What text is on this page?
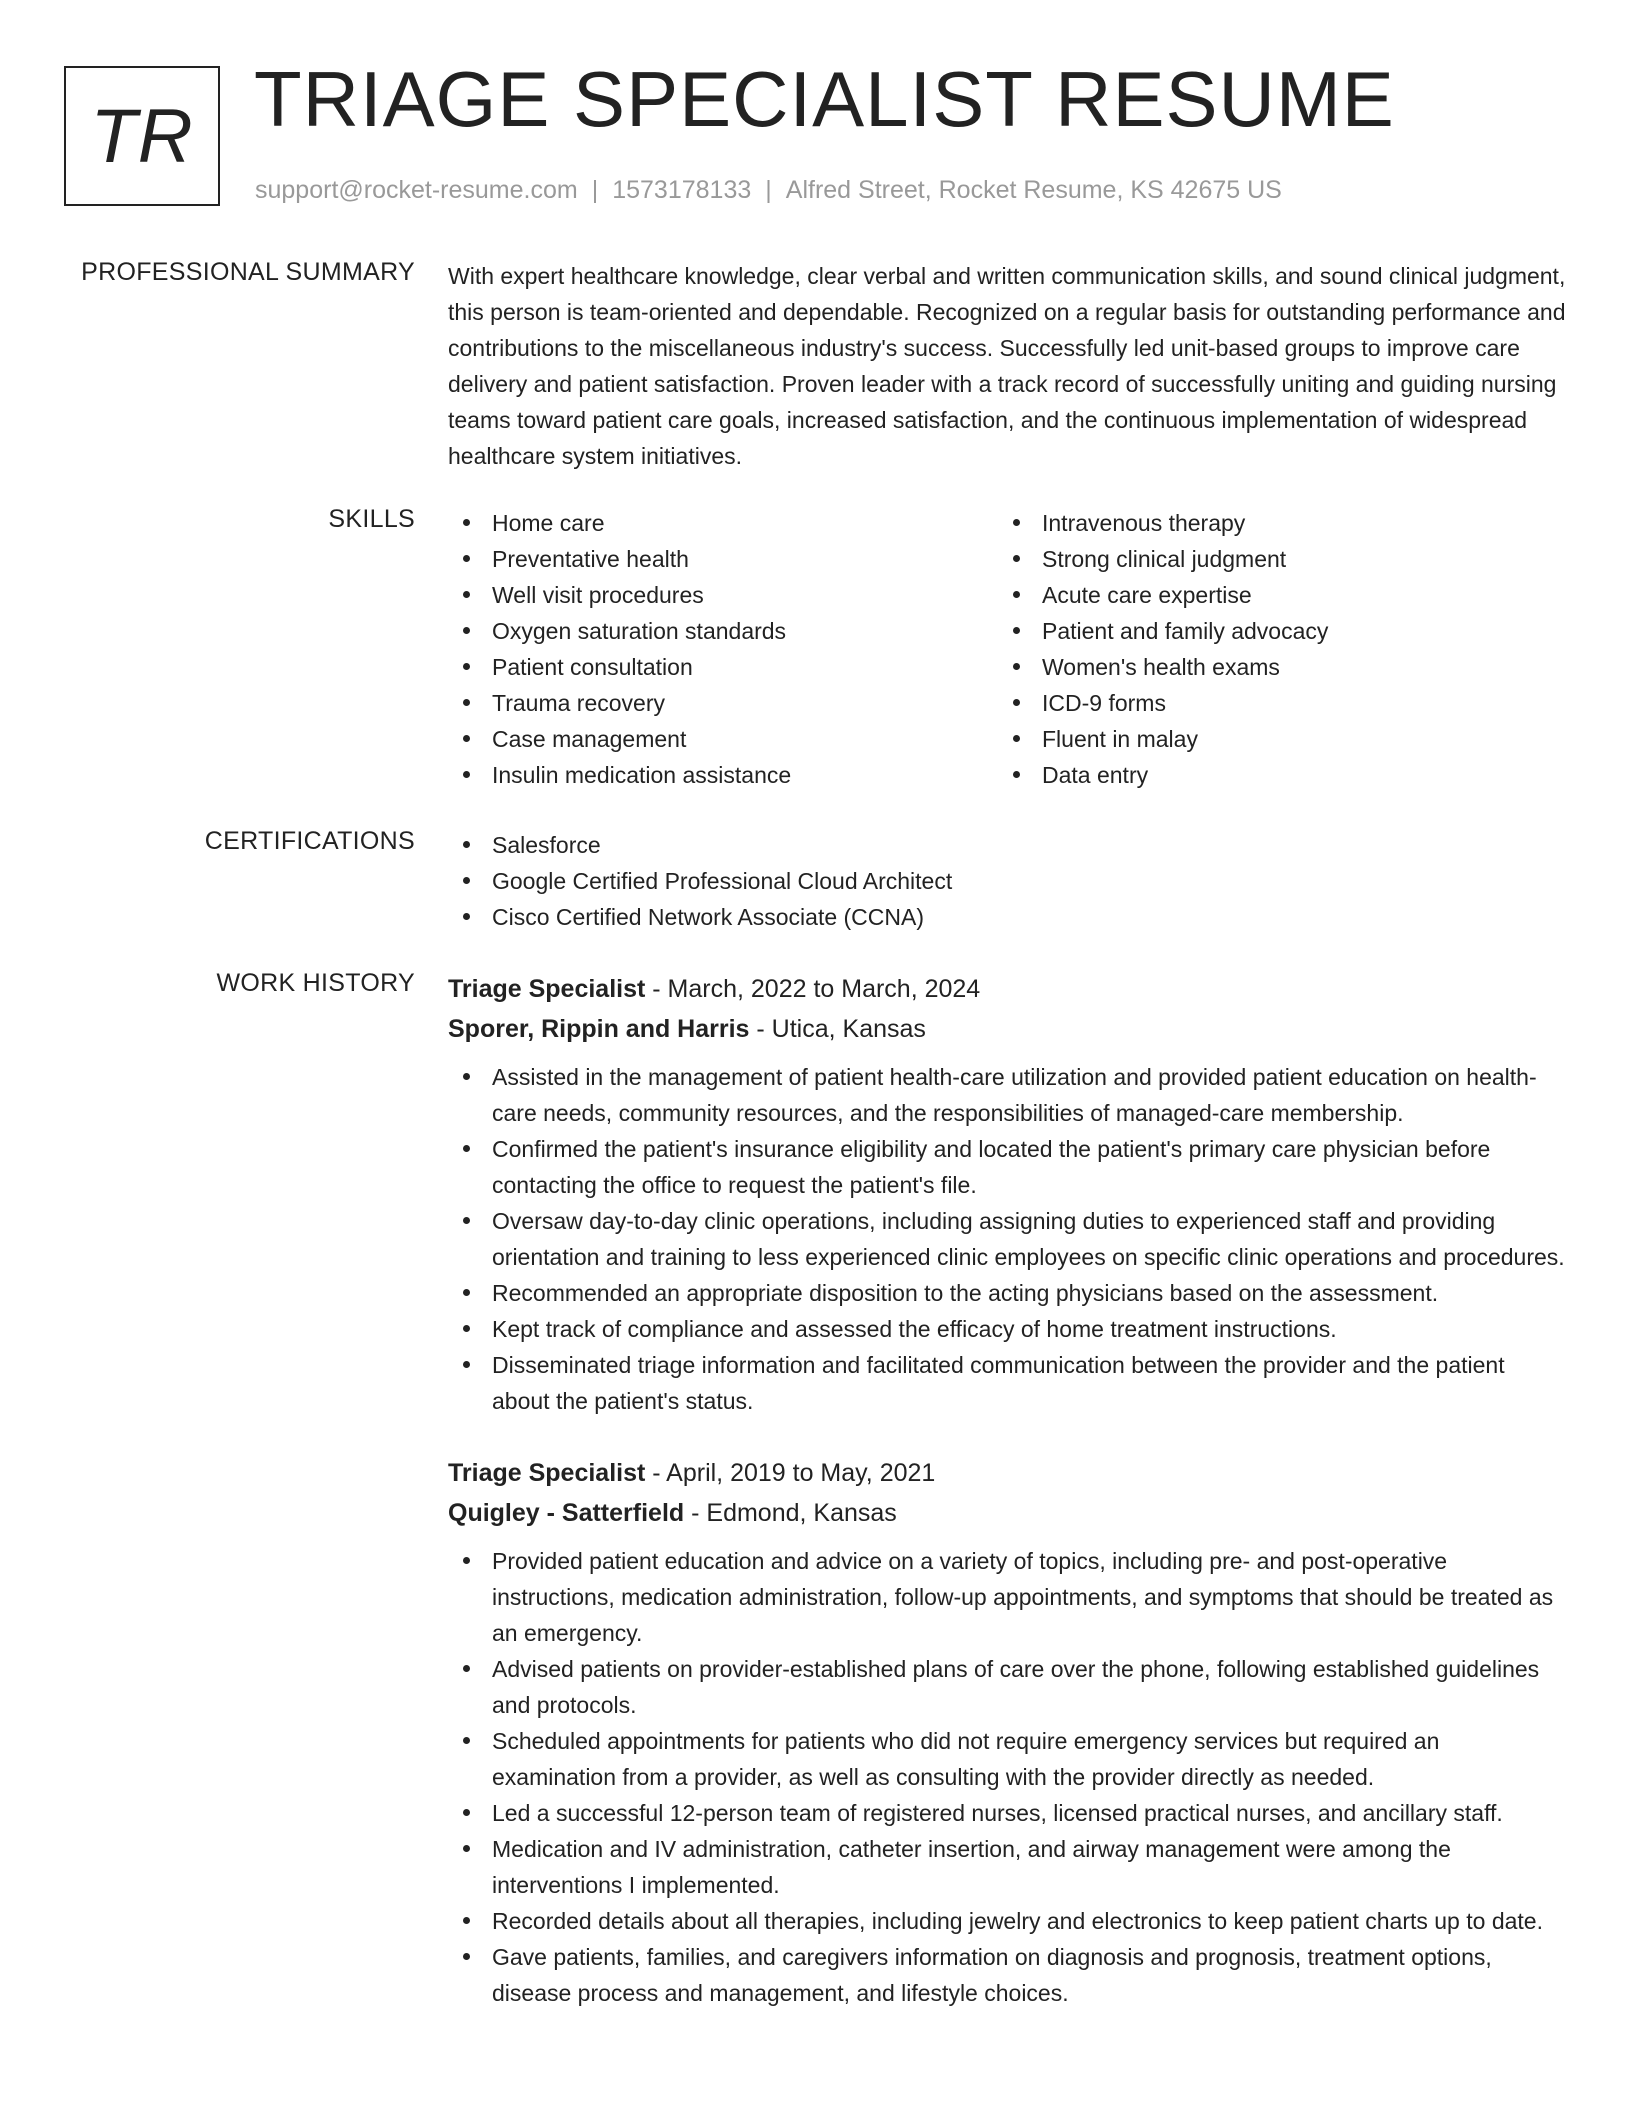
TR TRIAGE SPECIALIST RESUME
support@rocket-resume.com | 1573178133 | Alfred Street, Rocket Resume, KS 42675 US
PROFESSIONAL SUMMARY With expert healthcare knowledge, clear verbal and written communication skills, and sound clinical judgment, this person is team-oriented and dependable. Recognized on a regular basis for outstanding performance and contributions to the miscellaneous industry's success. Successfully led unit-based groups to improve care delivery and patient satisfaction. Proven leader with a track record of successfully uniting and guiding nursing teams toward patient care goals, increased satisfaction, and the continuous implementation of widespread healthcare system initiatives.
SKILLS	Home care
Preventative health
Well visit procedures
Oxygen saturation standards
Patient consultation
Trauma recovery
Case management
Insulin medication assistance
Intravenous therapy
Strong clinical judgment
Acute care expertise
Patient and family advocacy
Women's health exams
ICD-9 forms
Fluent in malay
Data entry
CERTIFICATIONS	Salesforce
Google Certified Professional Cloud Architect
Cisco Certified Network Associate (CCNA)
WORK HISTORY Triage Specialist - March, 2022 to March, 2024
Sporer, Rippin and Harris - Utica, Kansas
Assisted in the management of patient health-care utilization and provided patient education on health-care needs, community resources, and the responsibilities of managed-care membership.
Confirmed the patient's insurance eligibility and located the patient's primary care physician before contacting the office to request the patient's file.
Oversaw day-to-day clinic operations, including assigning duties to experienced staff and providing orientation and training to less experienced clinic employees on specific clinic operations and procedures.
Recommended an appropriate disposition to the acting physicians based on the assessment.
Kept track of compliance and assessed the efficacy of home treatment instructions.
Disseminated triage information and facilitated communication between the provider and the patient about the patient's status.
Triage Specialist - April, 2019 to May, 2021
Quigley - Satterfield - Edmond, Kansas
Provided patient education and advice on a variety of topics, including pre- and post-operative instructions, medication administration, follow-up appointments, and symptoms that should be treated as an emergency.
Advised patients on provider-established plans of care over the phone, following established guidelines and protocols.
Scheduled appointments for patients who did not require emergency services but required an examination from a provider, as well as consulting with the provider directly as needed.
Led a successful 12-person team of registered nurses, licensed practical nurses, and ancillary staff.
Medication and IV administration, catheter insertion, and airway management were among the interventions I implemented.
Recorded details about all therapies, including jewelry and electronics to keep patient charts up to date.
Gave patients, families, and caregivers information on diagnosis and prognosis, treatment options, disease process and management, and lifestyle choices.
